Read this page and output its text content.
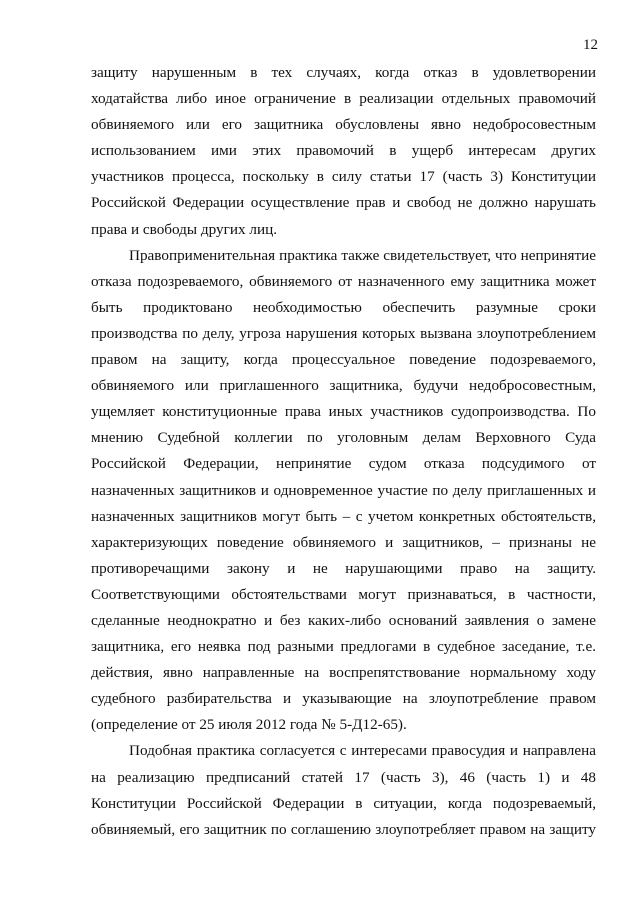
12
защиту нарушенным в тех случаях, когда отказ в удовлетворении
ходатайства либо иное ограничение в реализации отдельных правомочий
обвиняемого или его защитника обусловлены явно недобросовестным
использованием ими этих правомочий в ущерб интересам других
участников процесса, поскольку в силу статьи 17 (часть 3) Конституции
Российской Федерации осуществление прав и свобод не должно нарушать
права и свободы других лиц.
Правоприменительная практика также свидетельствует, что непринятие
отказа подозреваемого, обвиняемого от назначенного ему защитника может
быть продиктовано необходимостью обеспечить разумные сроки
производства по делу, угроза нарушения которых вызвана злоупотреблением
правом на защиту, когда процессуальное поведение подозреваемого,
обвиняемого или приглашенного защитника, будучи недобросовестным,
ущемляет конституционные права иных участников судопроизводства. По
мнению Судебной коллегии по уголовным делам Верховного Суда
Российской Федерации, непринятие судом отказа подсудимого от
назначенных защитников и одновременное участие по делу приглашенных и
назначенных защитников могут быть – с учетом конкретных обстоятельств,
характеризующих поведение обвиняемого и защитников, – признаны не
противоречащими закону и не нарушающими право на защиту.
Соответствующими обстоятельствами могут признаваться, в частности,
сделанные неоднократно и без каких-либо оснований заявления о замене
защитника, его неявка под разными предлогами в судебное заседание, т.е.
действия, явно направленные на воспрепятствование нормальному ходу
судебного разбирательства и указывающие на злоупотребление правом
(определение от 25 июля 2012 года № 5-Д12-65).
Подобная практика согласуется с интересами правосудия и направлена
на реализацию предписаний статей 17 (часть 3), 46 (часть 1) и 48
Конституции Российской Федерации в ситуации, когда подозреваемый,
обвиняемый, его защитник по соглашению злоупотребляет правом на защиту
